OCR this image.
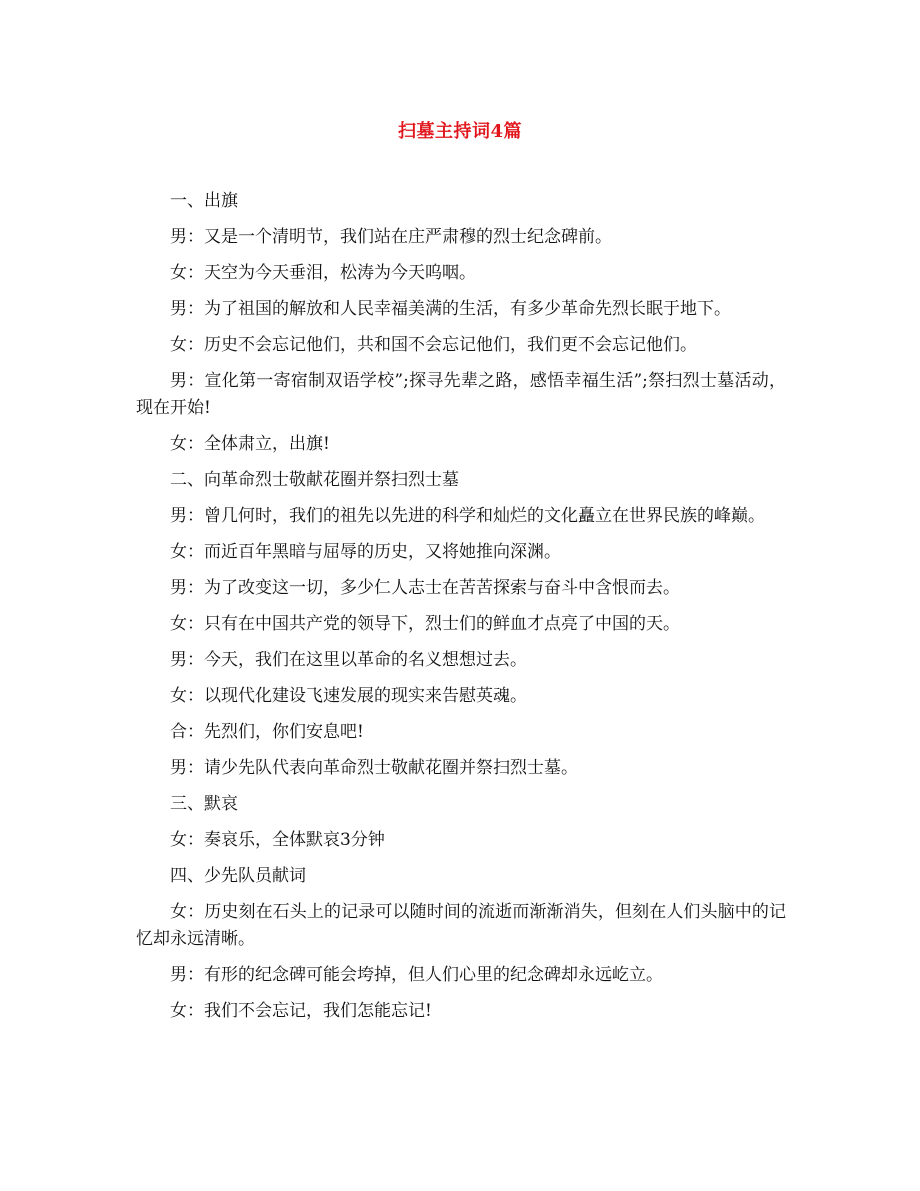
扫墓主持词4篇

一、出旗

男：又是一个清明节，我们站在庄严肃穆的烈士纪念碑前。

女：天空为今天垂泪，松涛为今天呜咽。

男：为了祖国的解放和人民幸福美满的生活，有多少革命先烈长眠于地下。

女：历史不会忘记他们，共和国不会忘记他们，我们更不会忘记他们。

男：宣化第一寄宿制双语学校”;探寻先辈之路，感悟幸福生活”;祭扫烈士墓活动，现在开始!

女：全体肃立，出旗!

二、向革命烈士敬献花圈并祭扫烈士墓

男：曾几何时，我们的祖先以先进的科学和灿烂的文化矗立在世界民族的峰巅。

女：而近百年黑暗与屈辱的历史，又将她推向深渊。

男：为了改变这一切，多少仁人志士在苦苦探索与奋斗中含恨而去。

女：只有在中国共产党的领导下，烈士们的鲜血才点亮了中国的天。

男：今天，我们在这里以革命的名义想想过去。

女：以现代化建设飞速发展的现实来告慰英魂。

合：先烈们，你们安息吧!

男：请少先队代表向革命烈士敬献花圈并祭扫烈士墓。

三、默哀

女：奏哀乐，全体默哀3分钟

四、少先队员献词

女：历史刻在石头上的记录可以随时间的流逝而渐渐消失，但刻在人们头脑中的记忆却永远清晰。

男：有形的纪念碑可能会垮掉，但人们心里的纪念碑却永远屹立。

女：我们不会忘记，我们怎能忘记!
